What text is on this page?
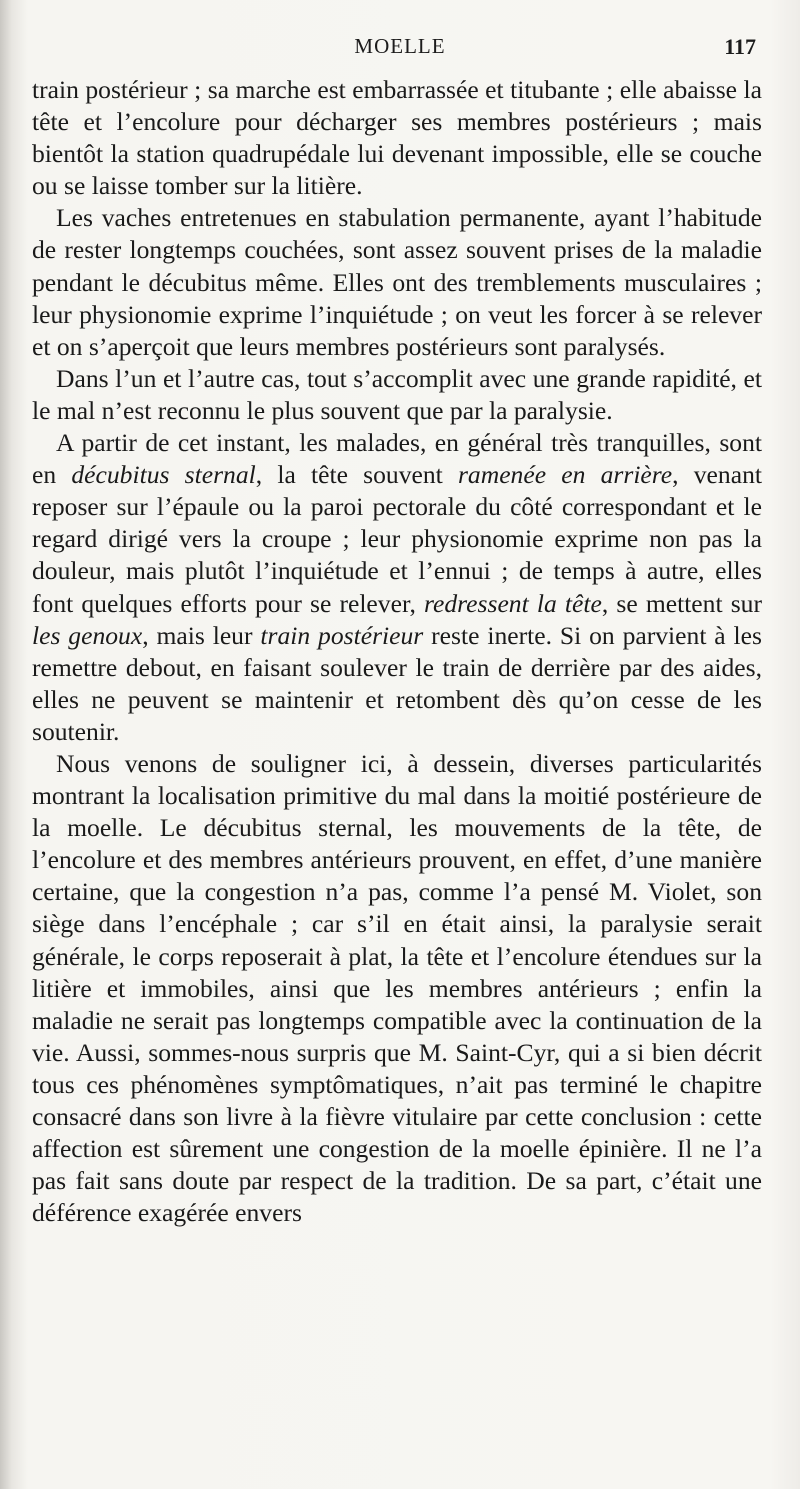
MOELLE	117

train postérieur ; sa marche est embarrassée et titubante ; elle abaisse la tête et l’encolure pour décharger ses membres postérieurs ; mais bientôt la station quadrupédale lui devenant impossible, elle se couche ou se laisse tomber sur la litière.

Les vaches entretenues en stabulation permanente, ayant l’habitude de rester longtemps couchées, sont assez souvent prises de la maladie pendant le décubitus même. Elles ont des tremblements musculaires ; leur physionomie exprime l’inquiétude ; on veut les forcer à se relever et on s’aperçoit que leurs membres postérieurs sont paralysés.

Dans l’un et l’autre cas, tout s’accomplit avec une grande rapidité, et le mal n’est reconnu le plus souvent que par la paralysie.

A partir de cet instant, les malades, en général très tranquilles, sont en décubitus sternal, la tête souvent ramenée en arrière, venant reposer sur l’épaule ou la paroi pectorale du côté correspondant et le regard dirigé vers la croupe ; leur physionomie exprime non pas la douleur, mais plutôt l’inquiétude et l’ennui ; de temps à autre, elles font quelques efforts pour se relever, redressent la tête, se mettent sur les genoux, mais leur train postérieur reste inerte. Si on parvient à les remettre debout, en faisant soulever le train de derrière par des aides, elles ne peuvent se maintenir et retombent dès qu’on cesse de les soutenir.

Nous venons de souligner ici, à dessein, diverses particularités montrant la localisation primitive du mal dans la moitié postérieure de la moelle. Le décubitus sternal, les mouvements de la tête, de l’encolure et des membres antérieurs prouvent, en effet, d’une manière certaine, que la congestion n’a pas, comme l’a pensé M. Violet, son siège dans l’encéphale ; car s’il en était ainsi, la paralysie serait générale, le corps reposerait à plat, la tête et l’encolure étendues sur la litière et immobiles, ainsi que les membres antérieurs ; enfin la maladie ne serait pas longtemps compatible avec la continuation de la vie. Aussi, sommes-nous surpris que M. Saint-Cyr, qui a si bien décrit tous ces phénomènes symptômatiques, n’ait pas terminé le chapitre consacré dans son livre à la fièvre vitulaire par cette conclusion : cette affection est sûrement une congestion de la moelle épinière. Il ne l’a pas fait sans doute par respect de la tradition. De sa part, c’était une déférence exagérée envers
